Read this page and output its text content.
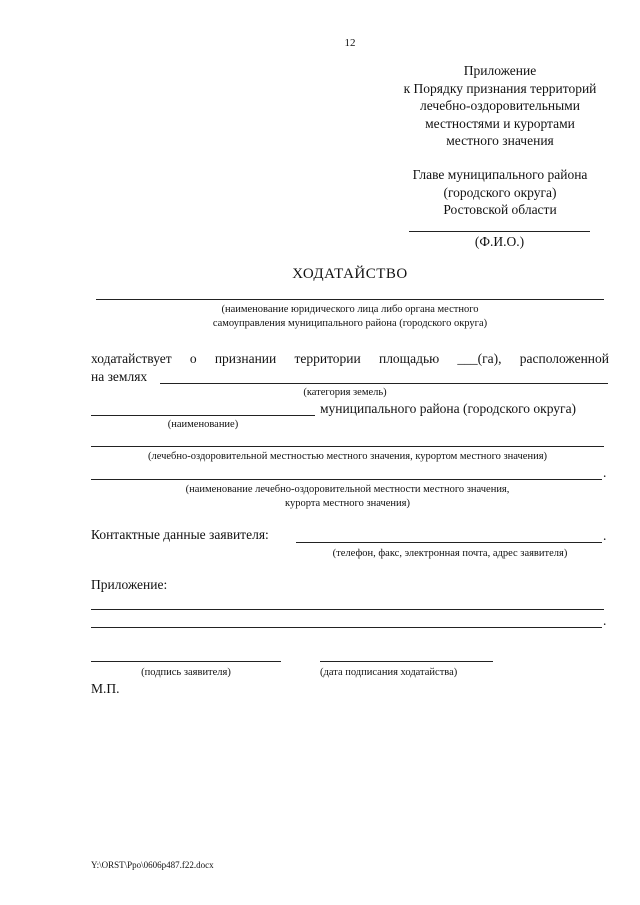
12
Приложение
к Порядку признания территорий
лечебно-оздоровительными
местностями и курортами
местного значения
Главе муниципального района
(городского округа)
Ростовской области
(Ф.И.О.)
ХОДАТАЙСТВО
(наименование юридического лица либо органа местного
самоуправления муниципального района (городского округа)
ходатайствует о признании территории площадью ___(га), расположенной
на землях
(категория земель)
муниципального района (городского округа)
(наименование)
(лечебно-оздоровительной местностью местного значения, курортом местного значения)
.
(наименование лечебно-оздоровительной местности местного значения,
курорта местного значения)
Контактные данные заявителя:	.
(телефон, факс, электронная почта, адрес заявителя)
Приложение:
.
(подпись заявителя)	(дата подписания ходатайства)
М.П.
Y:\ORST\Ppo\0606p487.f22.docx
